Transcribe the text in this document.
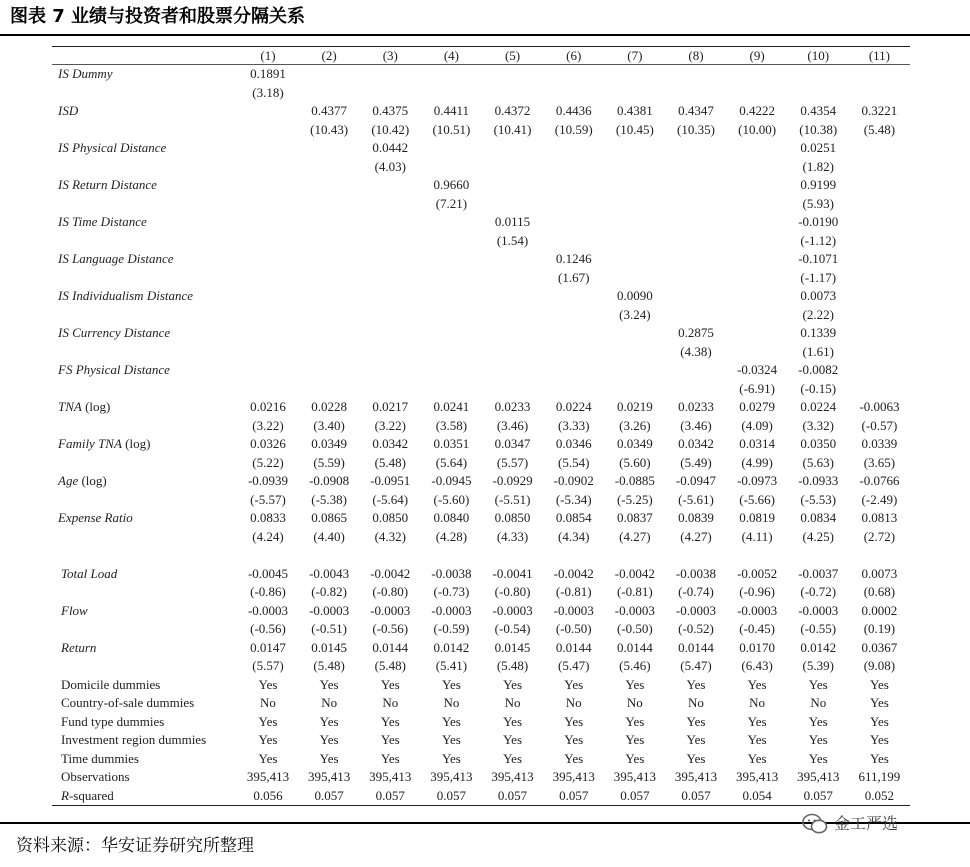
图表 7 业绩与投资者和股票分隔关系
	(1)	(2)	(3)	(4)	(5)	(6)	(7)	(8)	(9)	(10)	(11)
IS Dummy	0.1891										
	(3.18)										
ISD		0.4377	0.4375	0.4411	0.4372	0.4436	0.4381	0.4347	0.4222	0.4354	0.3221
		(10.43)	(10.42)	(10.51)	(10.41)	(10.59)	(10.45)	(10.35)	(10.00)	(10.38)	(5.48)
IS Physical Distance			0.0442							0.0251	
			(4.03)							(1.82)	
IS Return Distance				0.9660						0.9199	
				(7.21)						(5.93)	
IS Time Distance					0.0115					-0.0190	
					(1.54)					(-1.12)	
IS Language Distance						0.1246				-0.1071	
						(1.67)				(-1.17)	
IS Individualism Distance							0.0090			0.0073	
							(3.24)			(2.22)	
IS Currency Distance								0.2875		0.1339	
								(4.38)		(1.61)	
FS Physical Distance									-0.0324	-0.0082	
									(-6.91)	(-0.15)	
TNA (log)	0.0216	0.0228	0.0217	0.0241	0.0233	0.0224	0.0219	0.0233	0.0279	0.0224	-0.0063
	(3.22)	(3.40)	(3.22)	(3.58)	(3.46)	(3.33)	(3.26)	(3.46)	(4.09)	(3.32)	(-0.57)
Family TNA (log)	0.0326	0.0349	0.0342	0.0351	0.0347	0.0346	0.0349	0.0342	0.0314	0.0350	0.0339
	(5.22)	(5.59)	(5.48)	(5.64)	(5.57)	(5.54)	(5.60)	(5.49)	(4.99)	(5.63)	(3.65)
Age (log)	-0.0939	-0.0908	-0.0951	-0.0945	-0.0929	-0.0902	-0.0885	-0.0947	-0.0973	-0.0933	-0.0766
	(-5.57)	(-5.38)	(-5.64)	(-5.60)	(-5.51)	(-5.34)	(-5.25)	(-5.61)	(-5.66)	(-5.53)	(-2.49)
Expense Ratio	0.0833	0.0865	0.0850	0.0840	0.0850	0.0854	0.0837	0.0839	0.0819	0.0834	0.0813
	(4.24)	(4.40)	(4.32)	(4.28)	(4.33)	(4.34)	(4.27)	(4.27)	(4.11)	(4.25)	(2.72)

Total Load	-0.0045	-0.0043	-0.0042	-0.0038	-0.0041	-0.0042	-0.0042	-0.0038	-0.0052	-0.0037	0.0073
	(-0.86)	(-0.82)	(-0.80)	(-0.73)	(-0.80)	(-0.81)	(-0.81)	(-0.74)	(-0.96)	(-0.72)	(0.68)
Flow	-0.0003	-0.0003	-0.0003	-0.0003	-0.0003	-0.0003	-0.0003	-0.0003	-0.0003	-0.0003	0.0002
	(-0.56)	(-0.51)	(-0.56)	(-0.59)	(-0.54)	(-0.50)	(-0.50)	(-0.52)	(-0.45)	(-0.55)	(0.19)
Return	0.0147	0.0145	0.0144	0.0142	0.0145	0.0144	0.0144	0.0144	0.0170	0.0142	0.0367
	(5.57)	(5.48)	(5.48)	(5.41)	(5.48)	(5.47)	(5.46)	(5.47)	(6.43)	(5.39)	(9.08)
Domicile dummies	Yes	Yes	Yes	Yes	Yes	Yes	Yes	Yes	Yes	Yes	Yes
Country-of-sale dummies	No	No	No	No	No	No	No	No	No	No	Yes
Fund type dummies	Yes	Yes	Yes	Yes	Yes	Yes	Yes	Yes	Yes	Yes	Yes
Investment region dummies	Yes	Yes	Yes	Yes	Yes	Yes	Yes	Yes	Yes	Yes	Yes
Time dummies	Yes	Yes	Yes	Yes	Yes	Yes	Yes	Yes	Yes	Yes	Yes
Observations	395,413	395,413	395,413	395,413	395,413	395,413	395,413	395,413	395,413	395,413	611,199
R-squared	0.056	0.057	0.057	0.057	0.057	0.057	0.057	0.057	0.054	0.057	0.052
资料来源：华安证券研究所整理
金工严选
